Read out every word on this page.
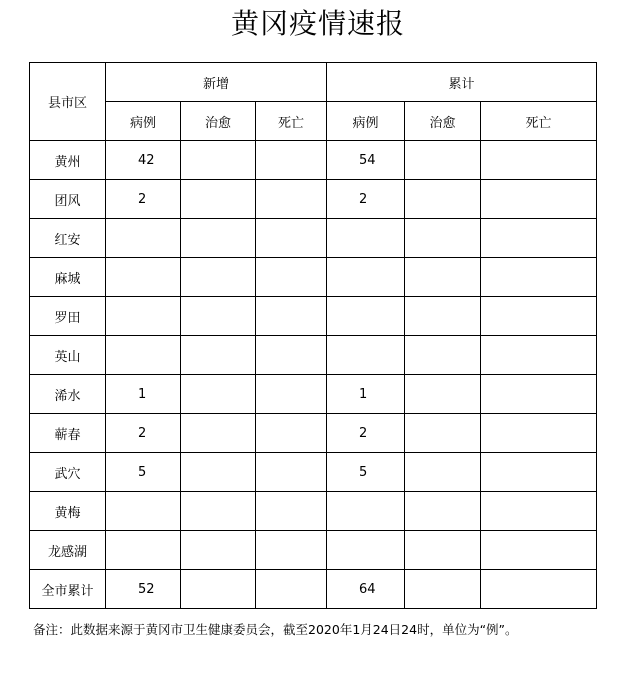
黄冈疫情速报
县市区	新增			累计		
	病例	治愈	死亡	病例	治愈	死亡
黄州	42			54		
团风	2			2		
红安						
麻城						
罗田						
英山						
浠水	1			1		
蕲春	2			2		
武穴	5			5		
黄梅						
龙感湖						
全市累计	52			64		
备注：此数据来源于黄冈市卫生健康委员会，截至2020年1月24日24时，单位为“例”。
